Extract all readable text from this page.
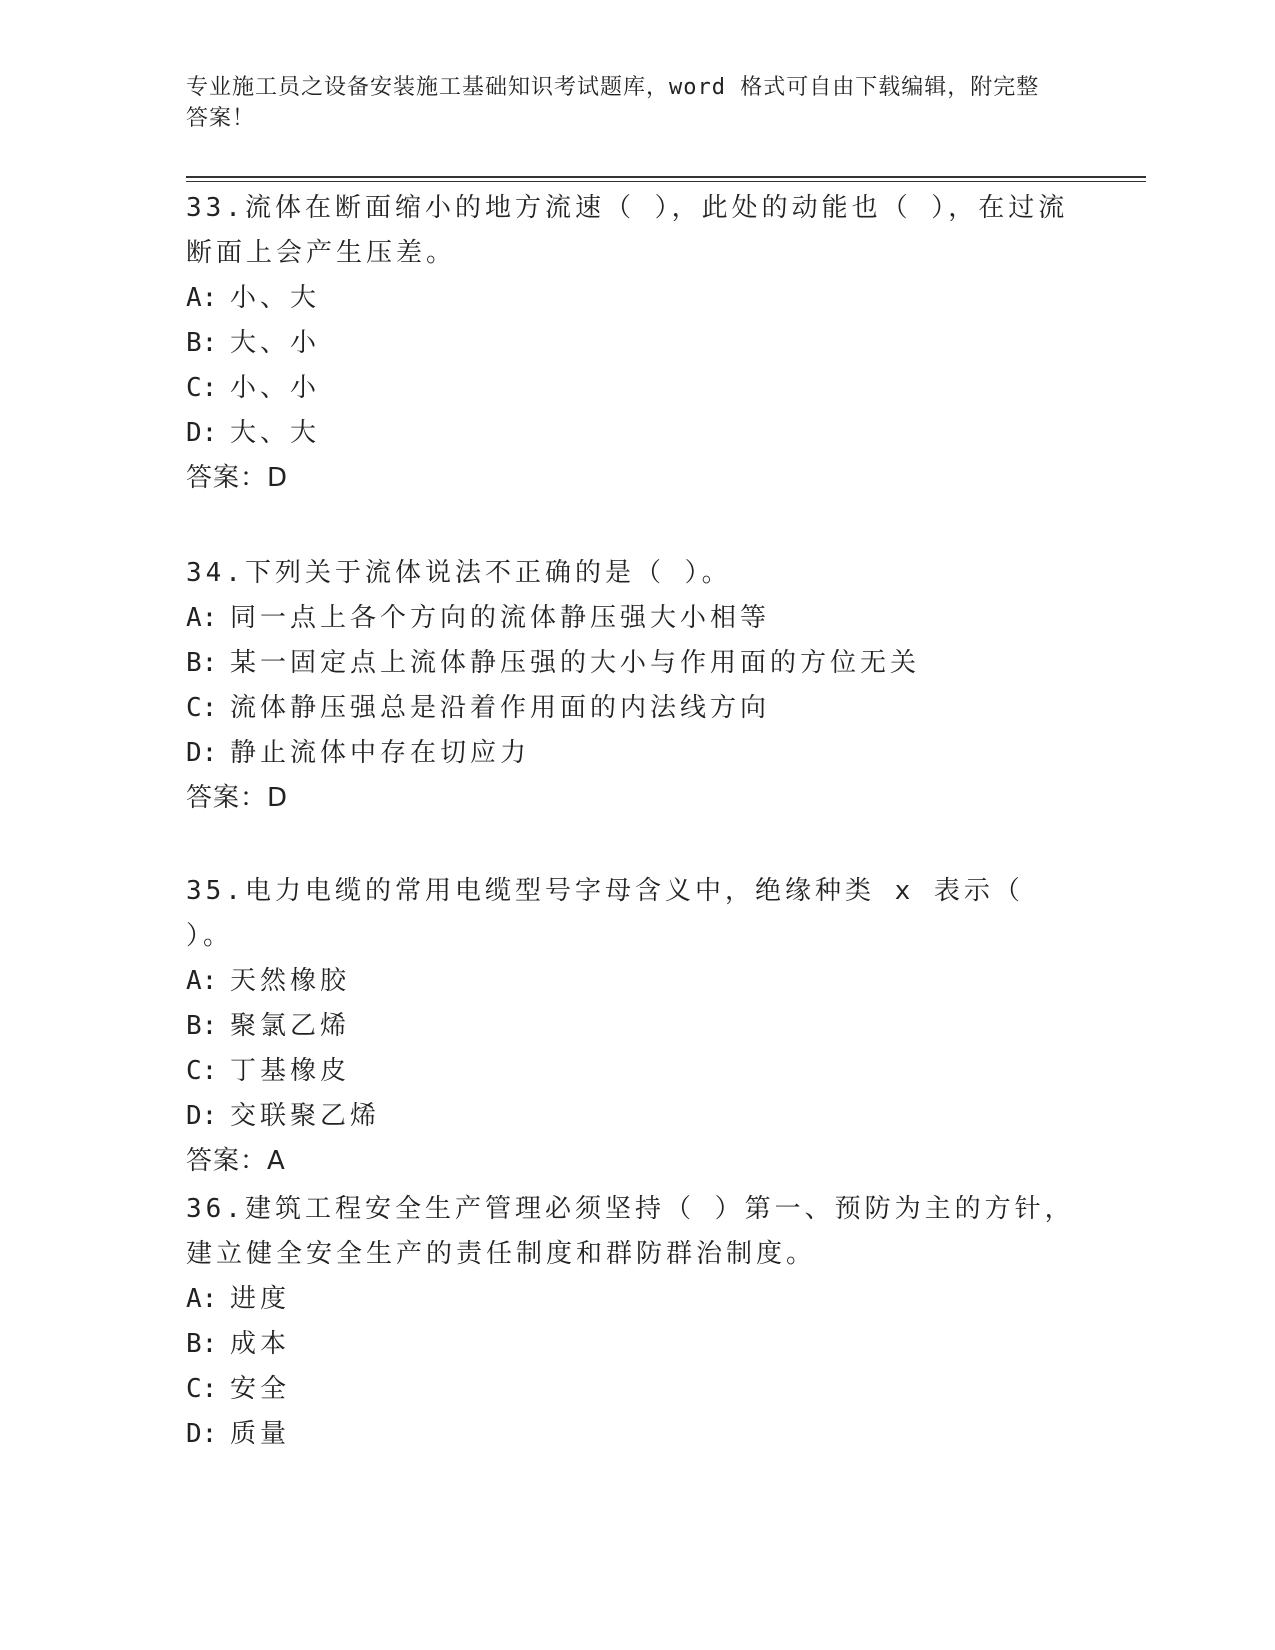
专业施工员之设备安装施工基础知识考试题库，word 格式可自由下载编辑，附完整答案！

33.流体在断面缩小的地方流速（ ），此处的动能也（ ），在过流断面上会产生压差。

A: 小、大
B: 大、小
C: 小、小
D: 大、大
答案：D

34.下列关于流体说法不正确的是（ ）。

A: 同一点上各个方向的流体静压强大小相等
B: 某一固定点上流体静压强的大小与作用面的方位无关
C: 流体静压强总是沿着作用面的内法线方向
D: 静止流体中存在切应力
答案：D

35.电力电缆的常用电缆型号字母含义中，绝缘种类 x 表示（ ）。

A: 天然橡胶
B: 聚氯乙烯
C: 丁基橡皮
D: 交联聚乙烯
答案：A

36.建筑工程安全生产管理必须坚持（ ）第一、预防为主的方针，建立健全安全生产的责任制度和群防群治制度。

A: 进度
B: 成本
C: 安全
D: 质量
